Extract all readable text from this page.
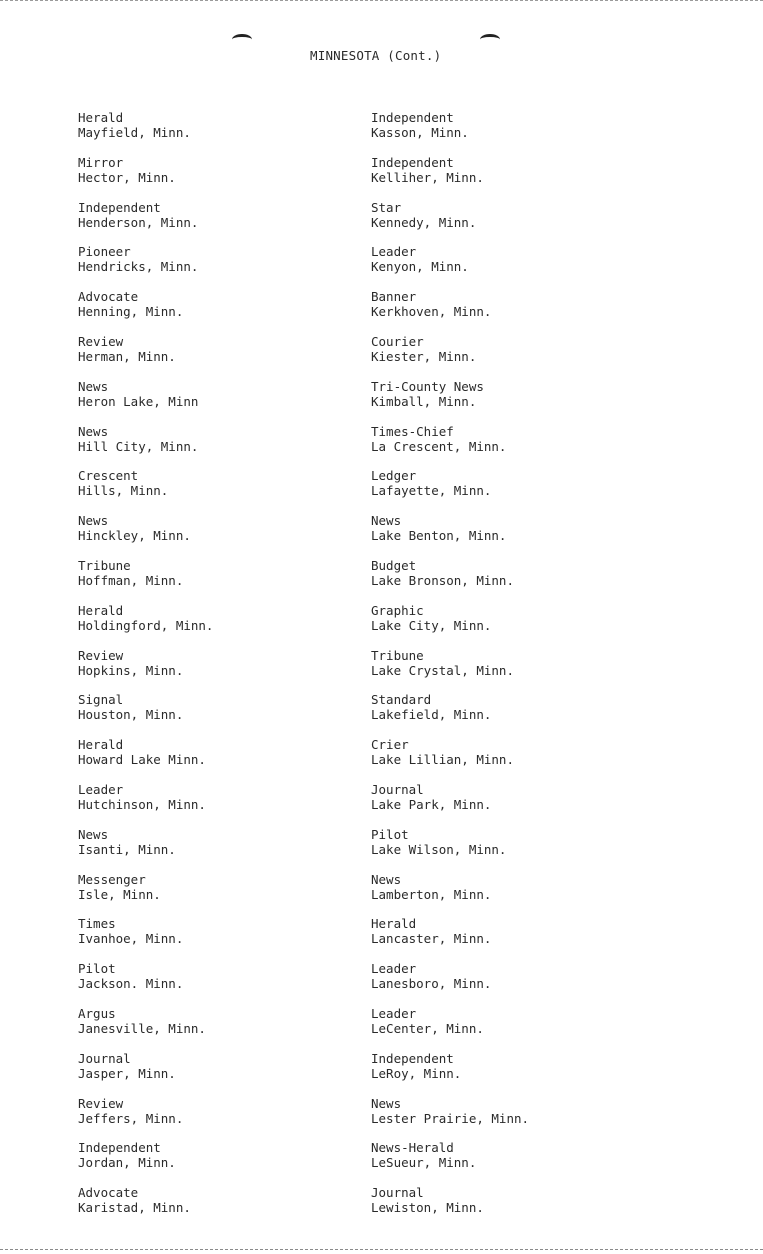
MINNESOTA (Cont.)
Herald
Mayfield, Minn.
Mirror
Hector, Minn.
Independent
Henderson, Minn.
Pioneer
Hendricks, Minn.
Advocate
Henning, Minn.
Review
Herman, Minn.
News
Heron Lake, Minn
News
Hill City, Minn.
Crescent
Hills, Minn.
News
Hinckley, Minn.
Tribune
Hoffman, Minn.
Herald
Holdingford, Minn.
Review
Hopkins, Minn.
Signal
Houston, Minn.
Herald
Howard Lake Minn.
Leader
Hutchinson, Minn.
News
Isanti, Minn.
Messenger
Isle, Minn.
Times
Ivanhoe, Minn.
Pilot
Jackson. Minn.
Argus
Janesville, Minn.
Journal
Jasper, Minn.
Review
Jeffers, Minn.
Independent
Jordan, Minn.
Advocate
Karistad, Minn.
Independent
Kasson, Minn.
Independent
Kelliher, Minn.
Star
Kennedy, Minn.
Leader
Kenyon, Minn.
Banner
Kerkhoven, Minn.
Courier
Kiester, Minn.
Tri-County News
Kimball, Minn.
Times-Chief
La Crescent, Minn.
Ledger
Lafayette, Minn.
News
Lake Benton, Minn.
Budget
Lake Bronson, Minn.
Graphic
Lake City, Minn.
Tribune
Lake Crystal, Minn.
Standard
Lakefield, Minn.
Crier
Lake Lillian, Minn.
Journal
Lake Park, Minn.
Pilot
Lake Wilson, Minn.
News
Lamberton, Minn.
Herald
Lancaster, Minn.
Leader
Lanesboro, Minn.
Leader
LeCenter, Minn.
Independent
LeRoy, Minn.
News
Lester Prairie, Minn.
News-Herald
LeSueur, Minn.
Journal
Lewiston, Minn.
